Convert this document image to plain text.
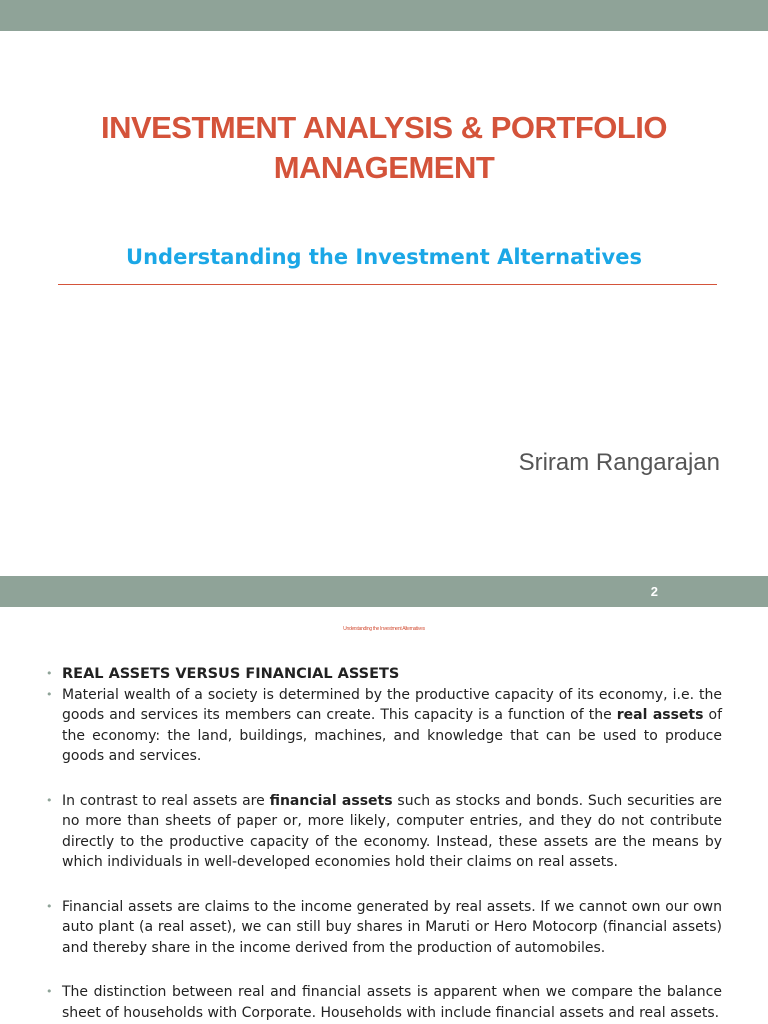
INVESTMENT ANALYSIS & PORTFOLIO MANAGEMENT
Understanding the Investment Alternatives
Sriram Rangarajan
2
Understanding the Investment Alternatives
• REAL ASSETS VERSUS FINANCIAL ASSETS
• Material wealth of a society is determined by the productive capacity of its economy, i.e. the goods and services its members can create. This capacity is a function of the real assets of the economy: the land, buildings, machines, and knowledge that can be used to produce goods and services.
• In contrast to real assets are financial assets such as stocks and bonds. Such securities are no more than sheets of paper or, more likely, computer entries, and they do not contribute directly to the productive capacity of the economy. Instead, these assets are the means by which individuals in well-developed economies hold their claims on real assets.
• Financial assets are claims to the income generated by real assets. If we cannot own our own auto plant (a real asset), we can still buy shares in Maruti or Hero Motocorp (financial assets) and thereby share in the income derived from the production of automobiles.
• The distinction between real and financial assets is apparent when we compare the balance sheet of households with Corporate. Households with include financial assets and real assets.
